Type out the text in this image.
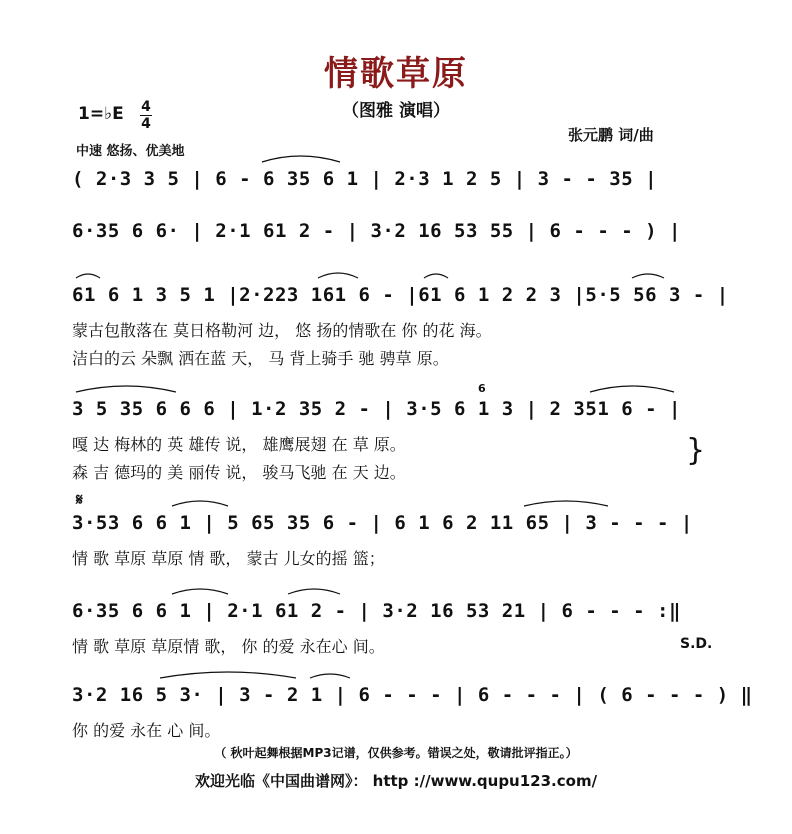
情歌草原
（图雅 演唱）
1=♭E 4
4
中速 悠扬、优美地
张元鹏 词/曲
( 2·3 3 5 | 6 - 6 35 6 1 | 2·3 1 2 5 | 3 - - 35 |
6·35 6 6· | 2·1 61 2 - | 3·2 16 53 55 | 6 - - - ) |
61 6 1 3 5 1 |2·223 161 6 - |61 6 1 2 2 3 |5·5 56 3 - |
蒙古包散落在 莫日格勒河 边， 悠 扬的情歌在 你 的花 海。
洁白的云 朵飘 洒在蓝 天， 马 背上骑手 驰 骋草 原。
6
3 5 35 6 6 6 | 1·2 35 2 - | 3·5 6 1 3 | 2 351 6 - |
嘎 达 梅林的 英 雄传 说， 雄鹰展翅 在 草 原。
森 吉 德玛的 美 丽传 说， 骏马飞驰 在 天 边。
}
𝄋
3·53 6 6 1 | 5 65 35 6 - | 6 1 6 2 11 65 | 3 - - - |
情 歌 草原 草原 情 歌， 蒙古 儿女的摇 篮；
6·35 6 6 1 | 2·1 61 2 - | 3·2 16 53 21 | 6 - - - :‖
情 歌 草原 草原情 歌， 你 的爱 永在心 间。	S.D.
3·2 16 5 3· | 3 - 2 1 | 6 - - - | 6 - - - | ( 6 - - - ) ‖
你 的爱 永在 心 间。
（ 秋叶起舞根据MP3记谱，仅供参考。错误之处，敬请批评指正。）
欢迎光临《中国曲谱网》： http ://www.qupu123.com/
